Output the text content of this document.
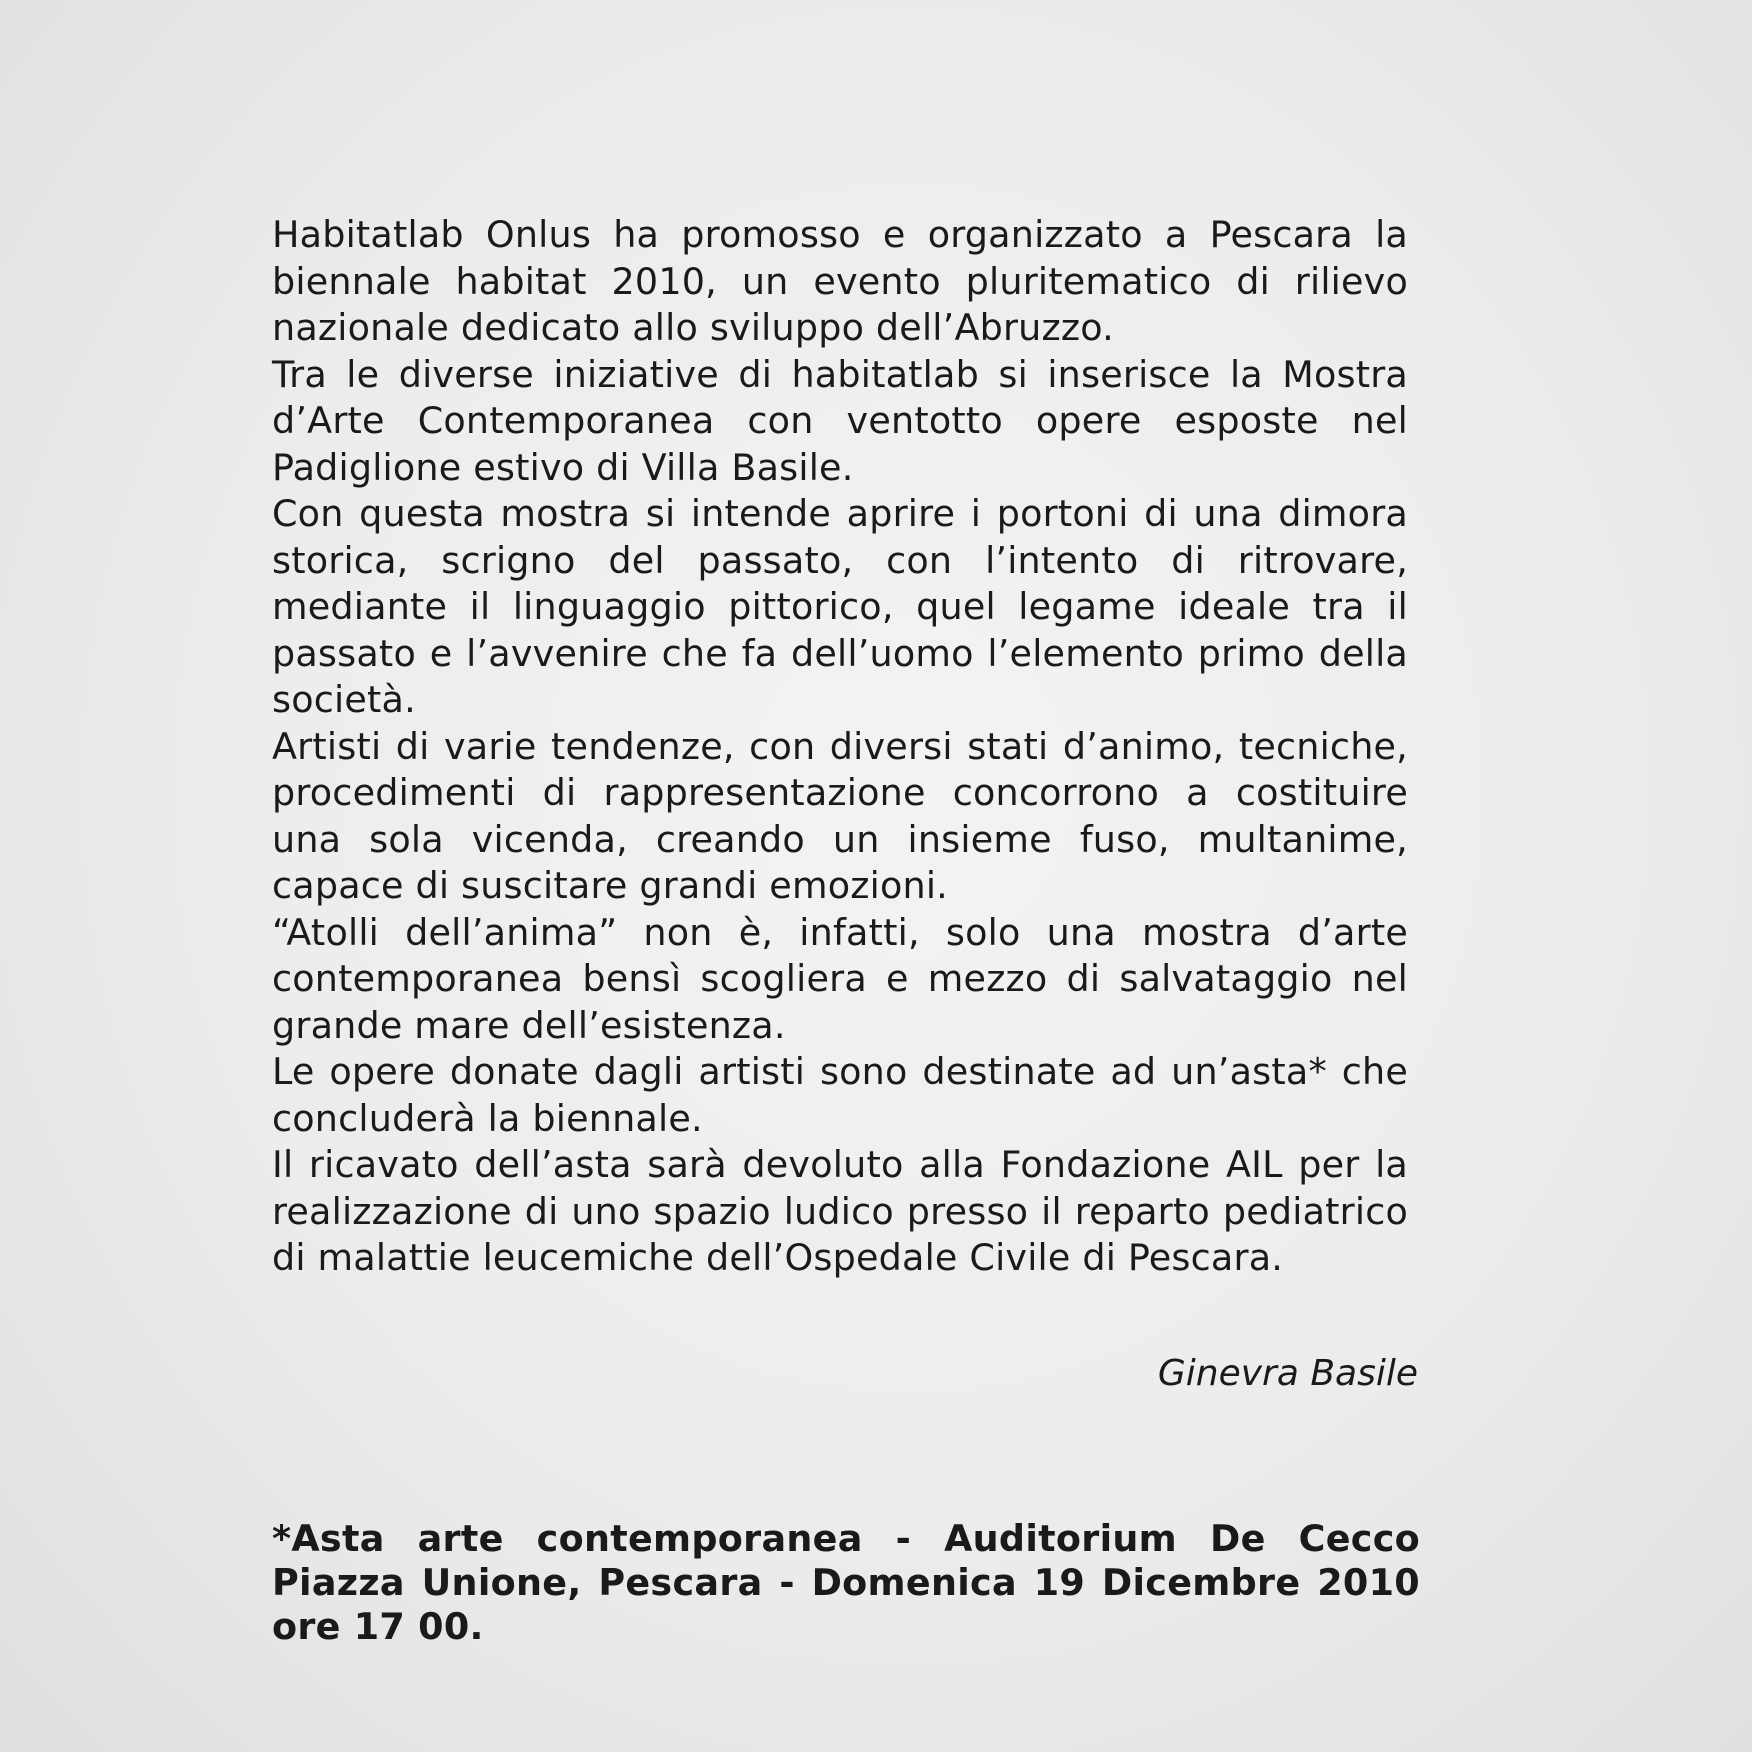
Habitatlab Onlus ha promosso e organizzato a Pescara la biennale habitat 2010, un evento pluritematico di rilievo nazionale dedicato allo sviluppo dell’Abruzzo.

Tra le diverse iniziative di habitatlab si inserisce la Mostra d’Arte Contemporanea con ventotto opere esposte nel Padiglione estivo di Villa Basile.

Con questa mostra si intende aprire i portoni di una dimora storica, scrigno del passato, con l’intento di ritrovare, mediante il linguaggio pittorico, quel legame ideale tra il passato e l’avvenire che fa dell’uomo l’elemento primo della società.

Artisti di varie tendenze, con diversi stati d’animo, tecniche, procedimenti di rappresentazione concorrono a costituire una sola vicenda, creando un insieme fuso, multanime, capace di suscitare grandi emozioni.

“Atolli dell’anima” non è, infatti, solo una mostra d’arte contemporanea bensì scogliera e mezzo di salvataggio nel grande mare dell’esistenza.

Le opere donate dagli artisti sono destinate ad un’asta* che concluderà la biennale.

Il ricavato dell’asta sarà devoluto alla Fondazione AIL per la realizzazione di uno spazio ludico presso il reparto pediatrico di malattie leucemiche dell’Ospedale Civile di Pescara.

Ginevra Basile
*Asta arte contemporanea - Auditorium De Cecco
Piazza Unione, Pescara - Domenica 19 Dicembre 2010
ore 17 00.
